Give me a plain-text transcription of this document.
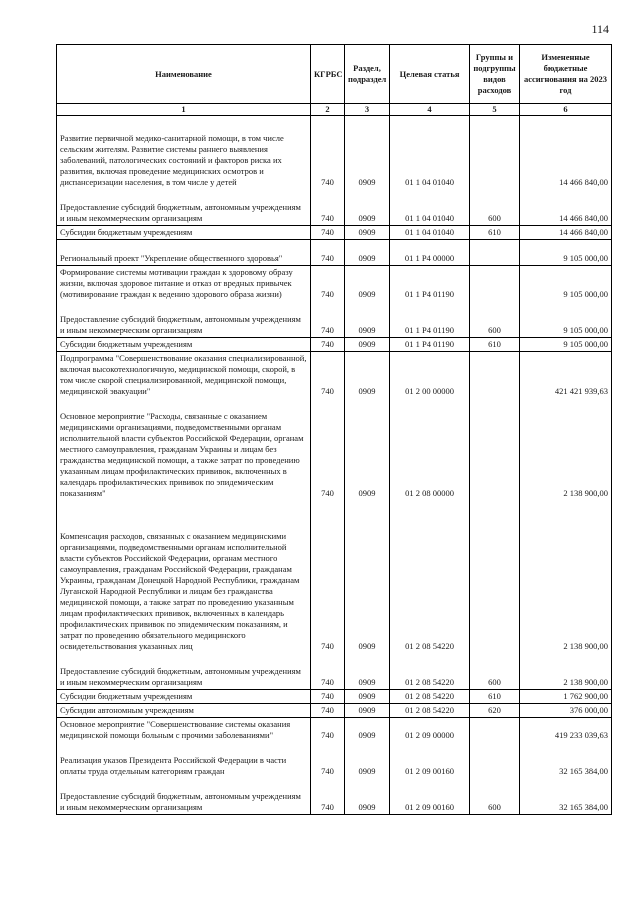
114
Наименование	КГРБС	Раздел, подраздел	Целевая статья	Группы и подгруппы видов расходов	Измененные бюджетные ассигнования на 2023 год
1	2	3	4	5	6

Развитие первичной медико-санитарной помощи, в том числе сельским жителям. Развитие системы раннего выявления заболеваний, патологических состояний и факторов риска их развития, включая проведение медицинских осмотров и диспансеризации населения, в том числе у детей	740	0909	01 1 04 01040		14 466 840,00

Предоставление субсидий бюджетным, автономным учреждениям и иным некоммерческим организациям	740	0909	01 1 04 01040	600	14 466 840,00
Субсидии бюджетным учреждениям	740	0909	01 1 04 01040	610	14 466 840,00

Региональный проект "Укрепление общественного здоровья"	740	0909	01 1 P4 00000		9 105 000,00
Формирование системы мотивации граждан к здоровому образу жизни, включая здоровое питание и отказ от вредных привычек (мотивирование граждан к ведению здорового образа жизни)	740	0909	01 1 P4 01190		9 105 000,00

Предоставление субсидий бюджетным, автономным учреждениям и иным некоммерческим организациям	740	0909	01 1 P4 01190	600	9 105 000,00
Субсидии бюджетным учреждениям	740	0909	01 1 P4 01190	610	9 105 000,00
Подпрограмма "Совершенствование оказания специализированной, включая высокотехнологичную, медицинской помощи, скорой, в том числе скорой специализированной, медицинской помощи, медицинской эвакуации"	740	0909	01 2 00 00000		421 421 939,63

Основное мероприятие "Расходы, связанные с оказанием медицинскими организациями, подведомственными органам исполнительной власти субъектов Российской Федерации, органам местного самоуправления, гражданам Украины и лицам без гражданства медицинской помощи, а также затрат по проведению указанным лицам профилактических прививок, включенных в календарь профилактических прививок по эпидемическим показаниям"	740	0909	01 2 08 00000		2 138 900,00

Компенсация расходов, связанных с оказанием медицинскими организациями, подведомственными органам исполнительной власти субъектов Российской Федерации, органам местного самоуправления, гражданам Российской Федерации, гражданам Украины, гражданам Донецкой Народной Республики, гражданам Луганской Народной Республики и лицам без гражданства медицинской помощи, а также затрат по проведению указанным лицам профилактических прививок, включенных в календарь профилактических прививок по эпидемическим показаниям, и затрат по проведению обязательного медицинского освидетельствования указанных лиц	740	0909	01 2 08 54220		2 138 900,00

Предоставление субсидий бюджетным, автономным учреждениям и иным некоммерческим организациям	740	0909	01 2 08 54220	600	2 138 900,00
Субсидии бюджетным учреждениям	740	0909	01 2 08 54220	610	1 762 900,00
Субсидии автономным учреждениям	740	0909	01 2 08 54220	620	376 000,00
Основное мероприятие "Совершенствование системы оказания медицинской помощи больным с прочими заболеваниями"	740	0909	01 2 09 00000		419 233 039,63

Реализация указов Президента Российской Федерации в части оплаты труда отдельным категориям граждан	740	0909	01 2 09 00160		32 165 384,00

Предоставление субсидий бюджетным, автономным учреждениям и иным некоммерческим организациям	740	0909	01 2 09 00160	600	32 165 384,00
